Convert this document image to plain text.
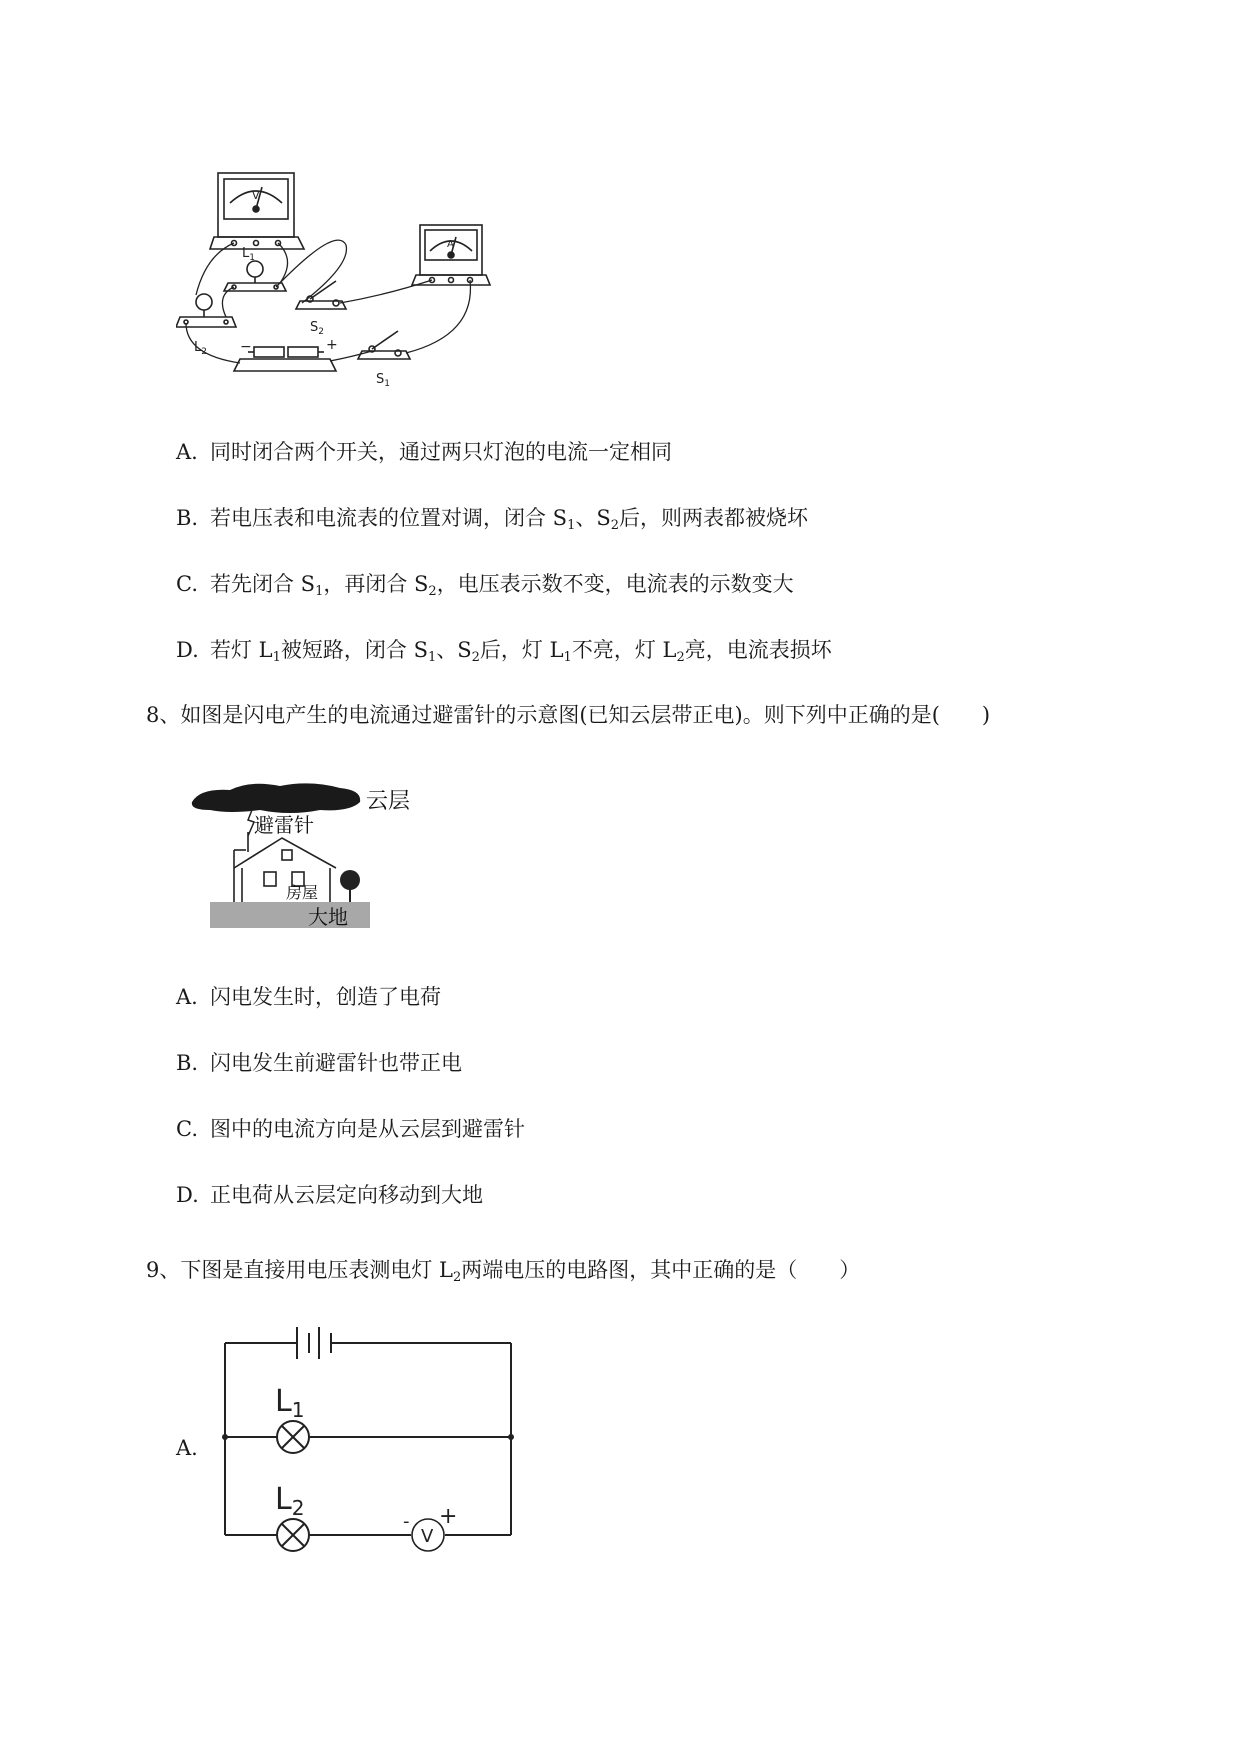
$L_1$
$L_2$
$S_2$
$S_1$
V
A
−	+
A. 同时闭合两个开关，通过两只灯泡的电流一定相同
B. 若电压表和电流表的位置对调，闭合 $S_1$、$S_2$后，则两表都被烧坏
C. 若先闭合 $S_1$，再闭合 $S_2$，电压表示数不变，电流表的示数变大
D. 若灯 $L_1$被短路，闭合 $S_1$、$S_2$后，灯 $L_1$不亮，灯 $L_2$亮，电流表损坏
8、如图是闪电产生的电流通过避雷针的示意图(已知云层带正电)。则下列中正确的是(　　)
云层
避雷针
房屋
大地
A. 闪电发生时，创造了电荷
B. 闪电发生前避雷针也带正电
C. 图中的电流方向是从云层到避雷针
D. 正电荷从云层定向移动到大地
9、下图是直接用电压表测电灯 $L_2$两端电压的电路图，其中正确的是（　　）
A.
$L_1$
$L_2$
V
- +
